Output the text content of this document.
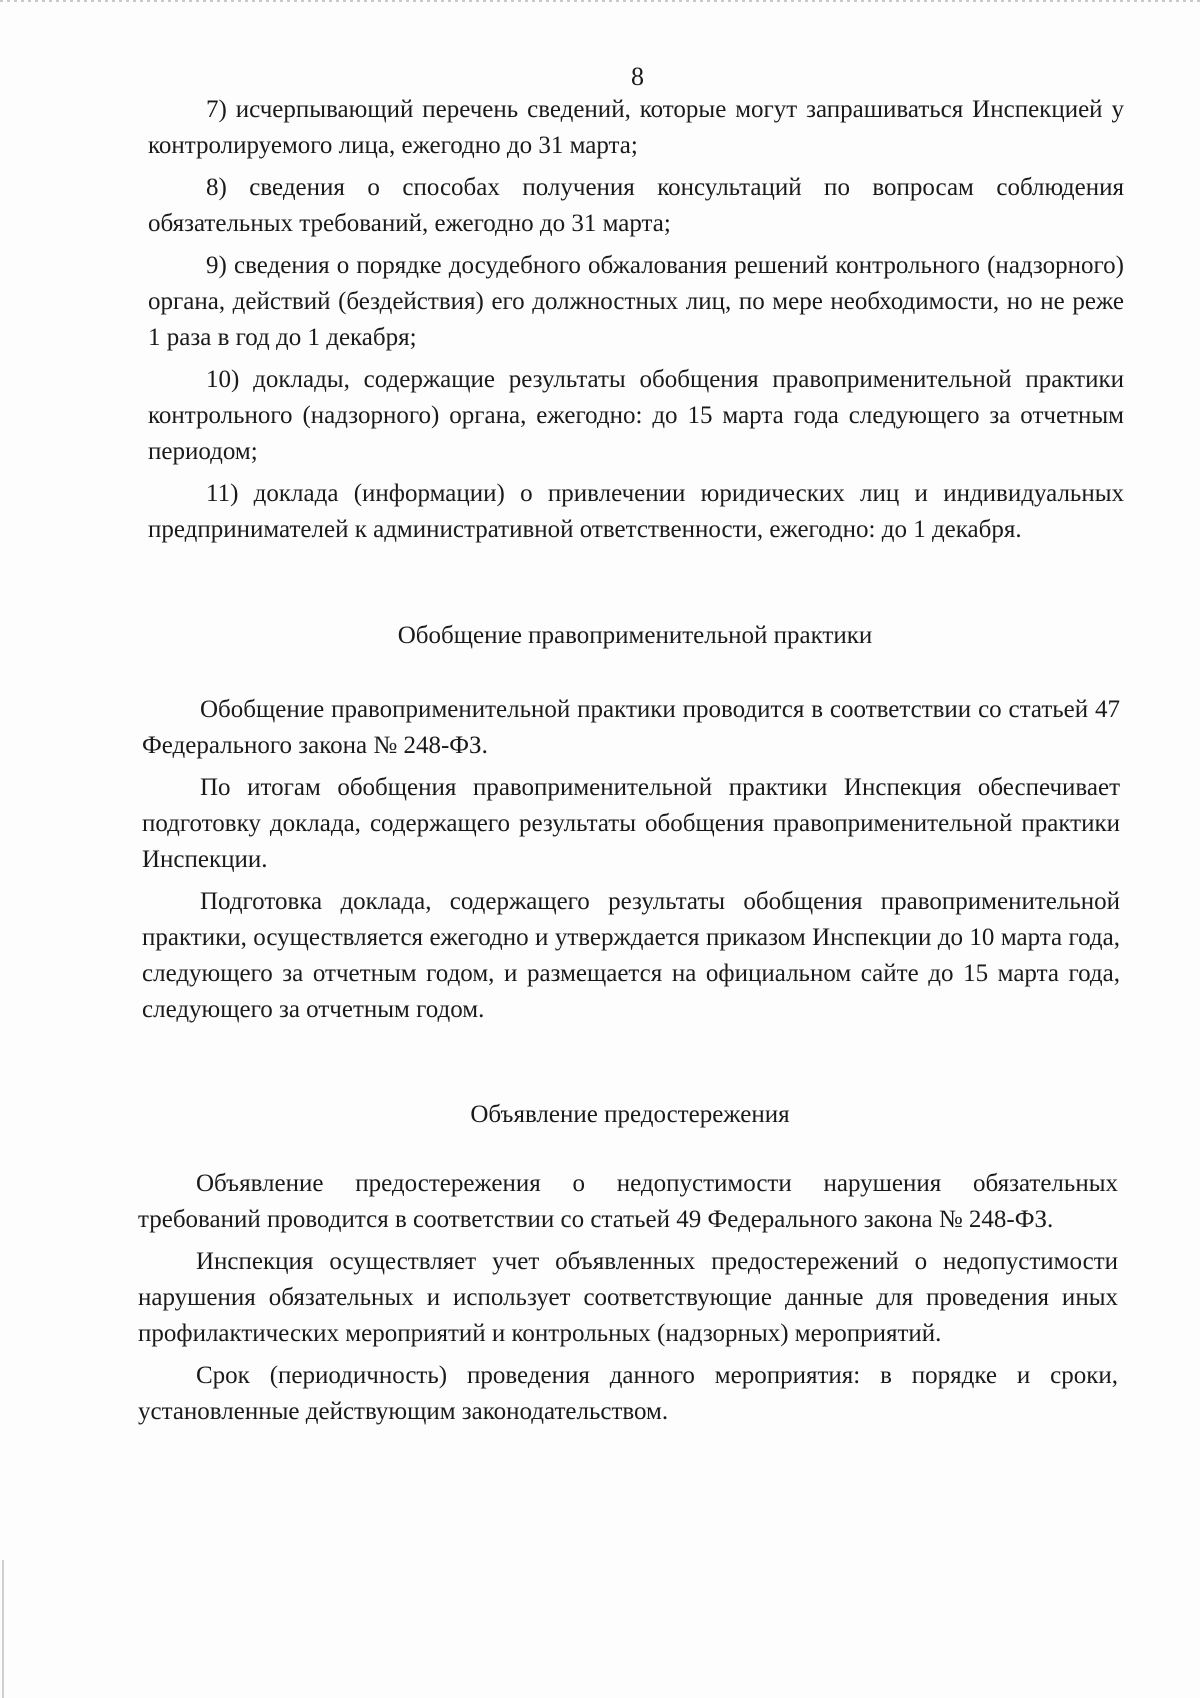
8

7) исчерпывающий перечень сведений, которые могут запрашиваться Инспекцией у контролируемого лица, ежегодно до 31 марта;

8) сведения о способах получения консультаций по вопросам соблюдения обязательных требований, ежегодно до 31 марта;

9) сведения о порядке досудебного обжалования решений контрольного (надзорного) органа, действий (бездействия) его должностных лиц, по мере необходимости, но не реже 1 раза в год до 1 декабря;

10) доклады, содержащие результаты обобщения правоприменительной практики контрольного (надзорного) органа, ежегодно: до 15 марта года следующего за отчетным периодом;

11) доклада (информации) о привлечении юридических лиц и индивидуальных предпринимателей к административной ответственности, ежегодно: до 1 декабря.

Обобщение правоприменительной практики

Обобщение правоприменительной практики проводится в соответствии со статьей 47 Федерального закона № 248-ФЗ.

По итогам обобщения правоприменительной практики Инспекция обеспечивает подготовку доклада, содержащего результаты обобщения правоприменительной практики Инспекции.

Подготовка доклада, содержащего результаты обобщения правоприменительной практики, осуществляется ежегодно и утверждается приказом Инспекции до 10 марта года, следующего за отчетным годом, и размещается на официальном сайте до 15 марта года, следующего за отчетным годом.

Объявление предостережения

Объявление предостережения о недопустимости нарушения обязательных требований проводится в соответствии со статьей 49 Федерального закона № 248-ФЗ.

Инспекция осуществляет учет объявленных предостережений о недопустимости нарушения обязательных и использует соответствующие данные для проведения иных профилактических мероприятий и контрольных (надзорных) мероприятий.

Срок (периодичность) проведения данного мероприятия: в порядке и сроки, установленные действующим законодательством.
